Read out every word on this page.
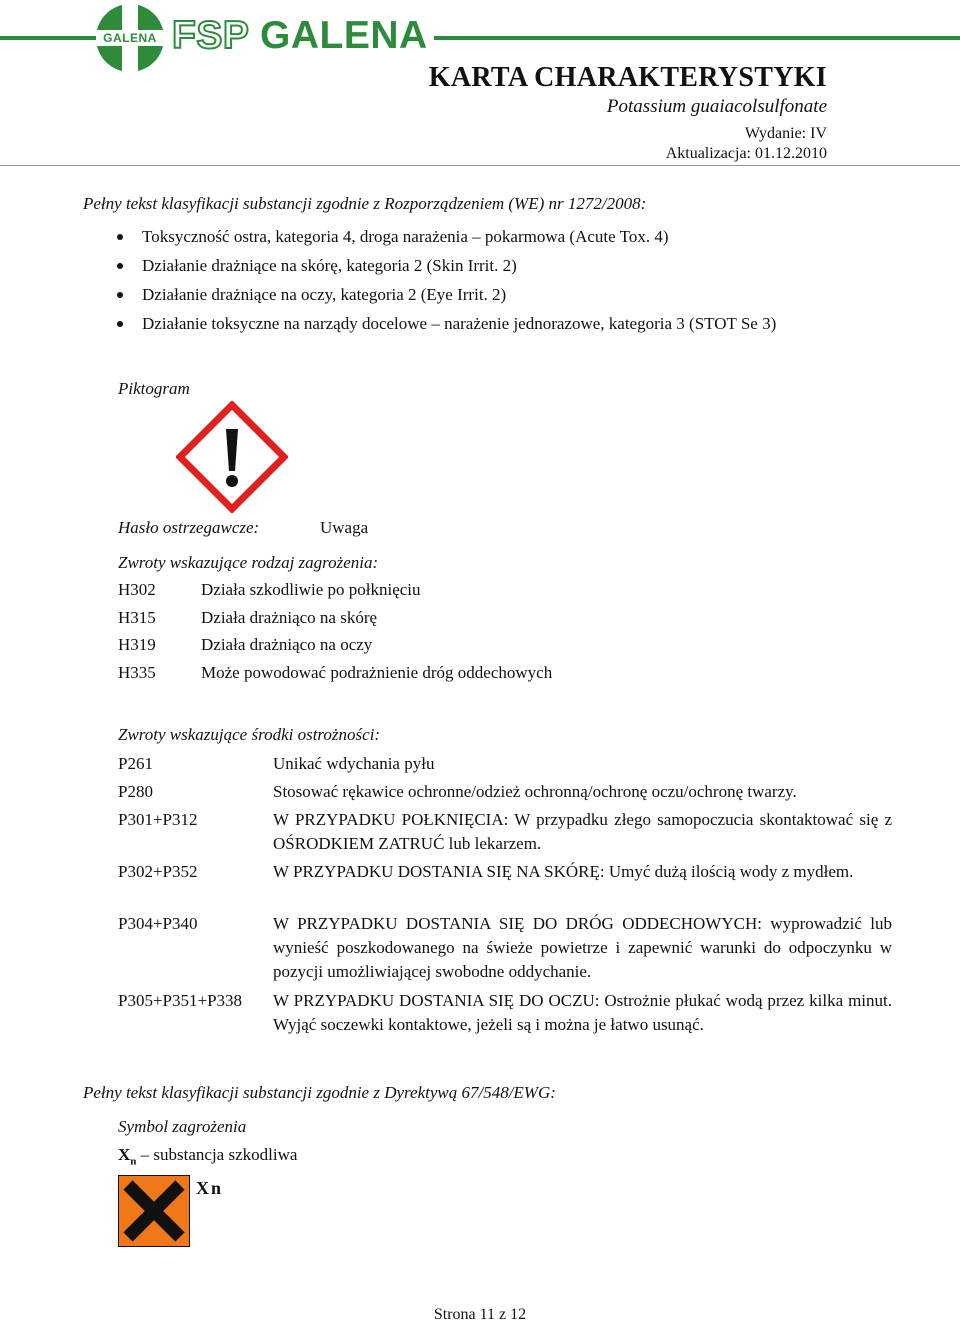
GALENA FSP GALENA
KARTA CHARAKTERYSTYKI
Potassium guaiacolsulfonate
Wydanie: IV
Aktualizacja: 01.12.2010
Pełny tekst klasyfikacji substancji zgodnie z Rozporządzeniem (WE) nr 1272/2008:
Toksyczność ostra, kategoria 4, droga narażenia – pokarmowa (Acute Tox. 4)
Działanie drażniące na skórę, kategoria 2 (Skin Irrit. 2)
Działanie drażniące na oczy, kategoria 2 (Eye Irrit. 2)
Działanie toksyczne na narządy docelowe – narażenie jednorazowe, kategoria 3 (STOT Se 3)
Piktogram
Hasło ostrzegawcze:	Uwaga
Zwroty wskazujące rodzaj zagrożenia:
H302	Działa szkodliwie po połknięciu
H315	Działa drażniąco na skórę
H319	Działa drażniąco na oczy
H335	Może powodować podrażnienie dróg oddechowych
Zwroty wskazujące środki ostrożności:
P261	Unikać wdychania pyłu
P280	Stosować rękawice ochronne/odzież ochronną/ochronę oczu/ochronę twarzy.
P301+P312	W PRZYPADKU POŁKNIĘCIA: W przypadku złego samopoczucia skontaktować się z OŚRODKIEM ZATRUĆ lub lekarzem.
P302+P352	W PRZYPADKU DOSTANIA SIĘ NA SKÓRĘ: Umyć dużą ilością wody z mydłem.
P304+P340	W PRZYPADKU DOSTANIA SIĘ DO DRÓG ODDECHOWYCH: wyprowadzić lub wynieść poszkodowanego na świeże powietrze i zapewnić warunki do odpoczynku w pozycji umożliwiającej swobodne oddychanie.
P305+P351+P338 W PRZYPADKU DOSTANIA SIĘ DO OCZU: Ostrożnie płukać wodą przez kilka minut. Wyjąć soczewki kontaktowe, jeżeli są i można je łatwo usunąć.
Pełny tekst klasyfikacji substancji zgodnie z Dyrektywą 67/548/EWG:
Symbol zagrożenia
$X_n$ – substancja szkodliwa
Xn
Strona 11 z 12
